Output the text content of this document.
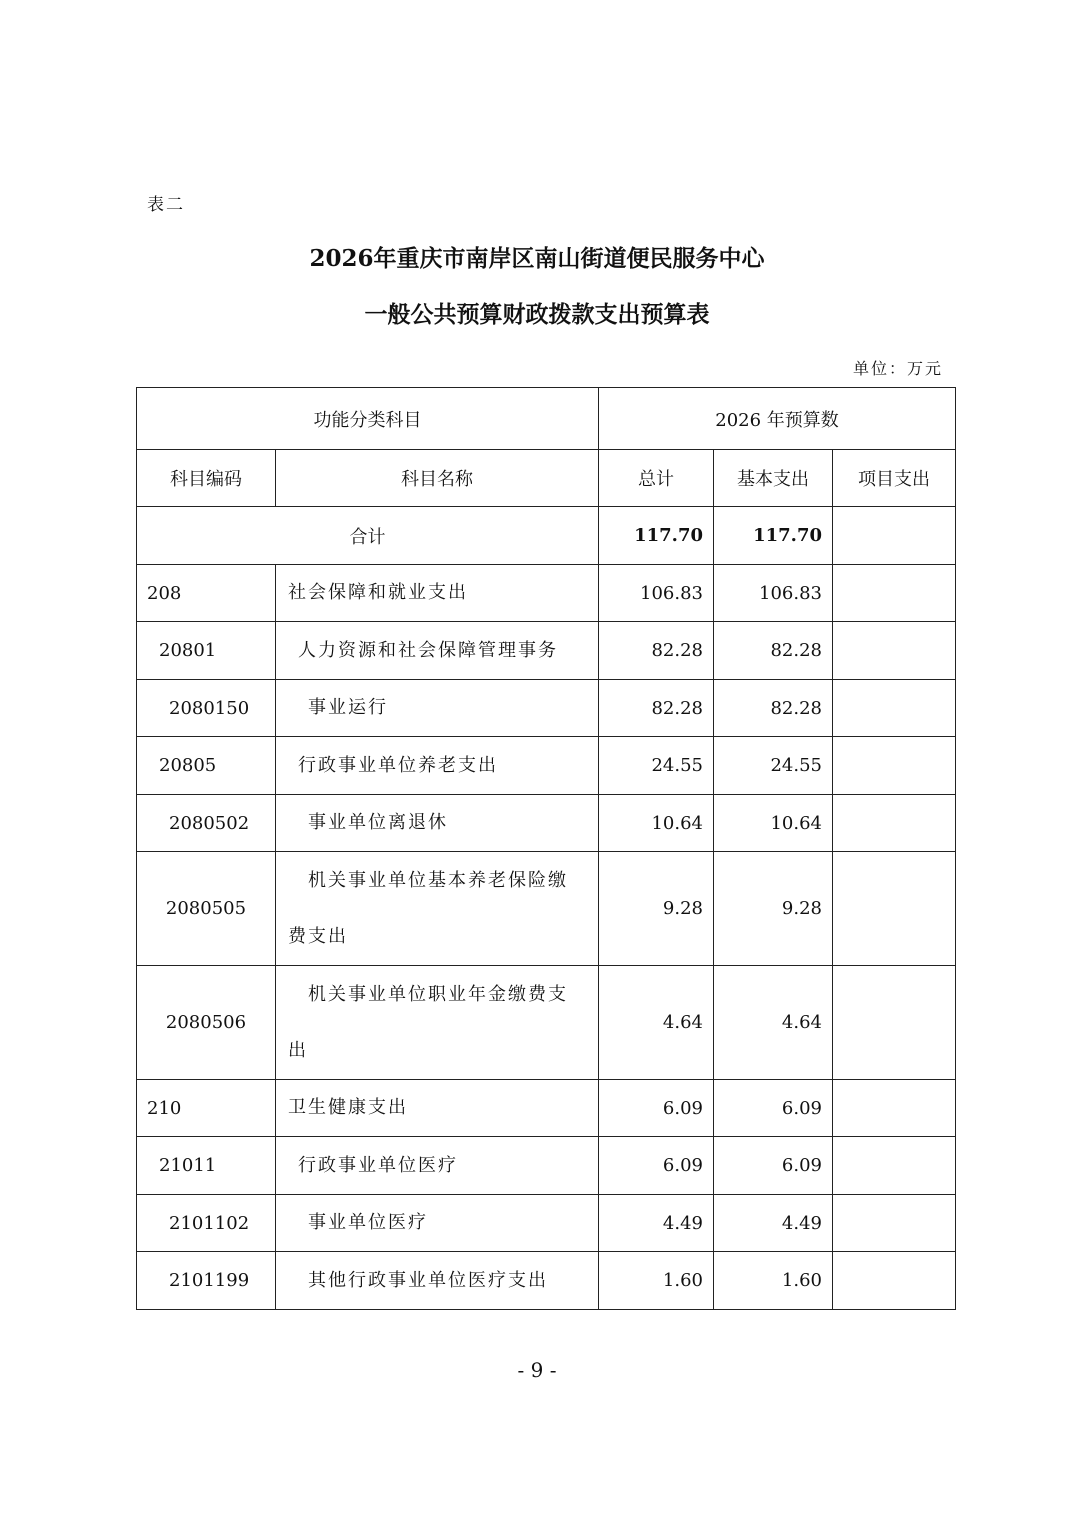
表二
2026年重庆市南岸区南山街道便民服务中心
一般公共预算财政拨款支出预算表
单位：万元
功能分类科目		2026 年预算数		
科目编码	科目名称	总计	基本支出	项目支出
合计		117.70	117.70	
208	社会保障和就业支出	106.83	106.83	
20801	人力资源和社会保障管理事务	82.28	82.28	
2080150	事业运行	82.28	82.28	
20805	行政事业单位养老支出	24.55	24.55	
2080502	事业单位离退休	10.64	10.64	
2080505	机关事业单位基本养老保险缴费支出	9.28	9.28	
2080506	机关事业单位职业年金缴费支出	4.64	4.64	
210	卫生健康支出	6.09	6.09	
21011	行政事业单位医疗	6.09	6.09	
2101102	事业单位医疗	4.49	4.49	
2101199	其他行政事业单位医疗支出	1.60	1.60	
- 9 -
